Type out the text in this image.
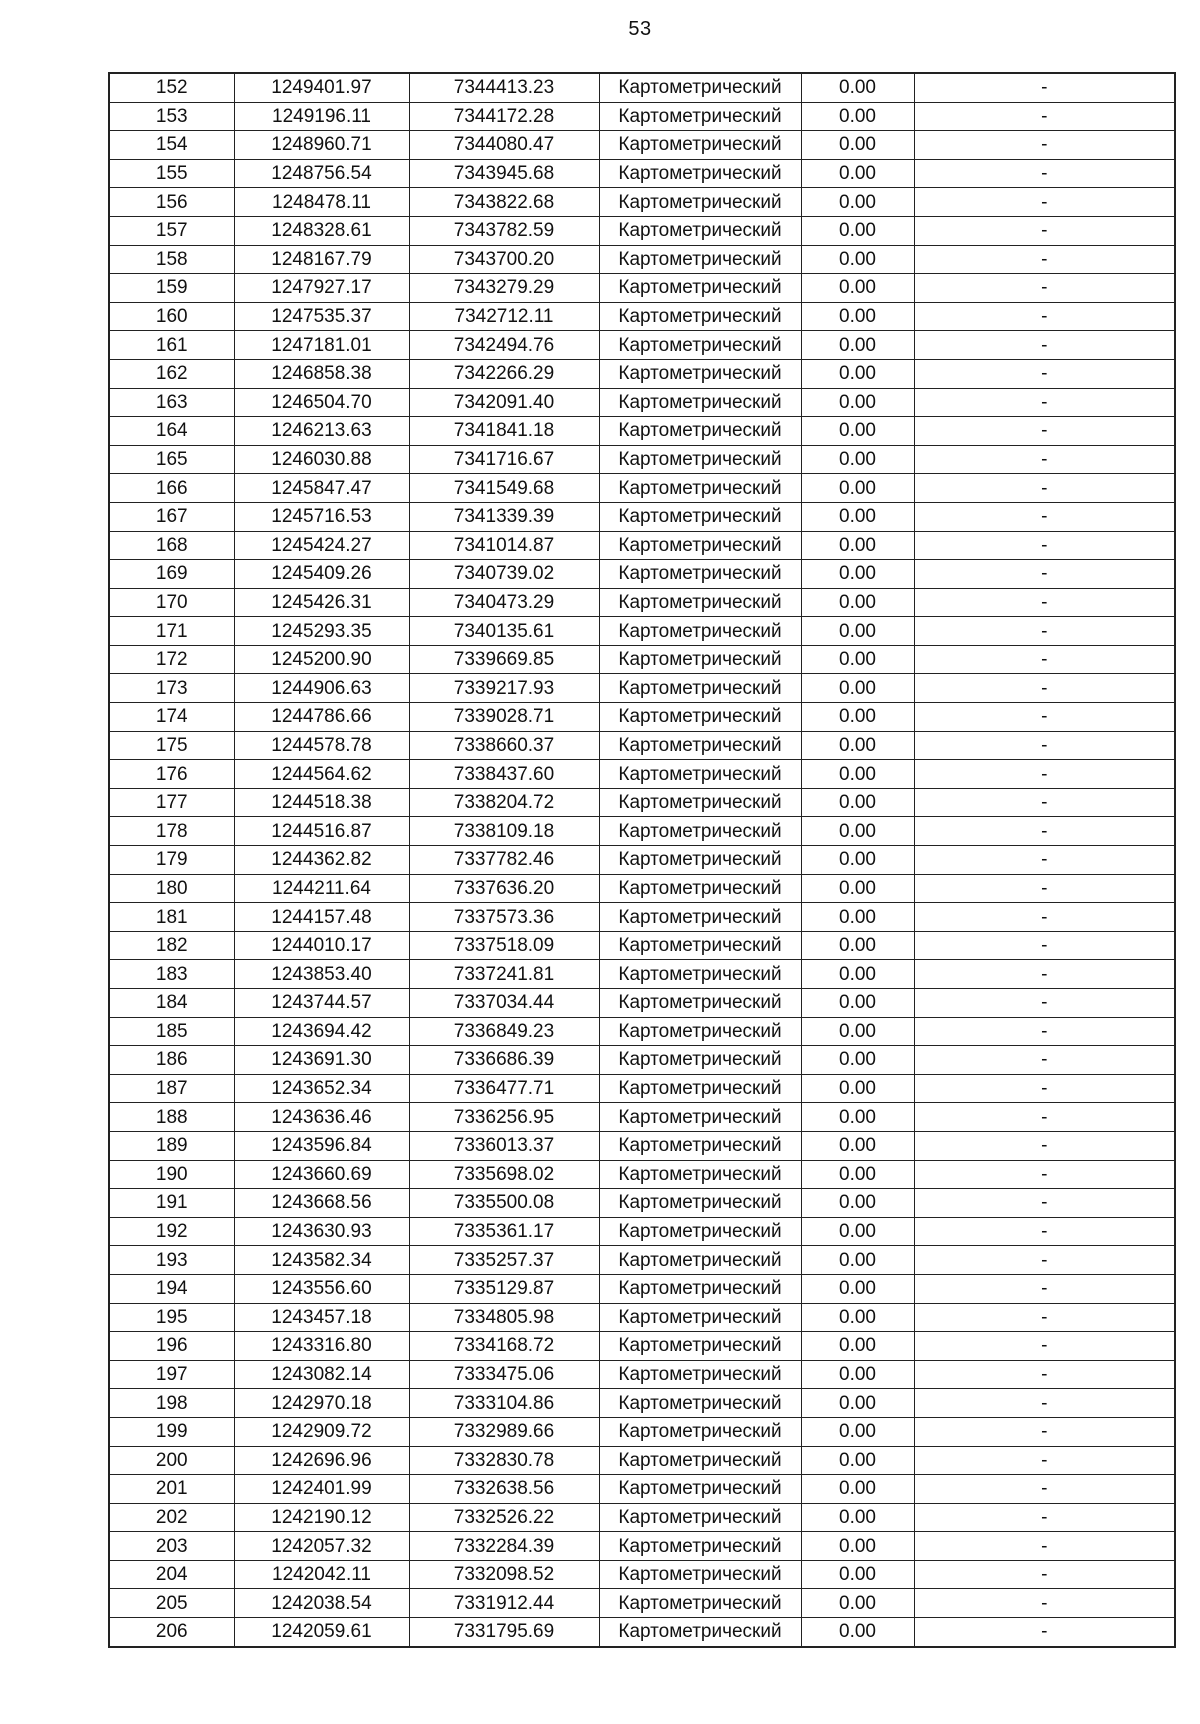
53
152	1249401.97	7344413.23	Картометрический	0.00	-
153	1249196.11	7344172.28	Картометрический	0.00	-
154	1248960.71	7344080.47	Картометрический	0.00	-
155	1248756.54	7343945.68	Картометрический	0.00	-
156	1248478.11	7343822.68	Картометрический	0.00	-
157	1248328.61	7343782.59	Картометрический	0.00	-
158	1248167.79	7343700.20	Картометрический	0.00	-
159	1247927.17	7343279.29	Картометрический	0.00	-
160	1247535.37	7342712.11	Картометрический	0.00	-
161	1247181.01	7342494.76	Картометрический	0.00	-
162	1246858.38	7342266.29	Картометрический	0.00	-
163	1246504.70	7342091.40	Картометрический	0.00	-
164	1246213.63	7341841.18	Картометрический	0.00	-
165	1246030.88	7341716.67	Картометрический	0.00	-
166	1245847.47	7341549.68	Картометрический	0.00	-
167	1245716.53	7341339.39	Картометрический	0.00	-
168	1245424.27	7341014.87	Картометрический	0.00	-
169	1245409.26	7340739.02	Картометрический	0.00	-
170	1245426.31	7340473.29	Картометрический	0.00	-
171	1245293.35	7340135.61	Картометрический	0.00	-
172	1245200.90	7339669.85	Картометрический	0.00	-
173	1244906.63	7339217.93	Картометрический	0.00	-
174	1244786.66	7339028.71	Картометрический	0.00	-
175	1244578.78	7338660.37	Картометрический	0.00	-
176	1244564.62	7338437.60	Картометрический	0.00	-
177	1244518.38	7338204.72	Картометрический	0.00	-
178	1244516.87	7338109.18	Картометрический	0.00	-
179	1244362.82	7337782.46	Картометрический	0.00	-
180	1244211.64	7337636.20	Картометрический	0.00	-
181	1244157.48	7337573.36	Картометрический	0.00	-
182	1244010.17	7337518.09	Картометрический	0.00	-
183	1243853.40	7337241.81	Картометрический	0.00	-
184	1243744.57	7337034.44	Картометрический	0.00	-
185	1243694.42	7336849.23	Картометрический	0.00	-
186	1243691.30	7336686.39	Картометрический	0.00	-
187	1243652.34	7336477.71	Картометрический	0.00	-
188	1243636.46	7336256.95	Картометрический	0.00	-
189	1243596.84	7336013.37	Картометрический	0.00	-
190	1243660.69	7335698.02	Картометрический	0.00	-
191	1243668.56	7335500.08	Картометрический	0.00	-
192	1243630.93	7335361.17	Картометрический	0.00	-
193	1243582.34	7335257.37	Картометрический	0.00	-
194	1243556.60	7335129.87	Картометрический	0.00	-
195	1243457.18	7334805.98	Картометрический	0.00	-
196	1243316.80	7334168.72	Картометрический	0.00	-
197	1243082.14	7333475.06	Картометрический	0.00	-
198	1242970.18	7333104.86	Картометрический	0.00	-
199	1242909.72	7332989.66	Картометрический	0.00	-
200	1242696.96	7332830.78	Картометрический	0.00	-
201	1242401.99	7332638.56	Картометрический	0.00	-
202	1242190.12	7332526.22	Картометрический	0.00	-
203	1242057.32	7332284.39	Картометрический	0.00	-
204	1242042.11	7332098.52	Картометрический	0.00	-
205	1242038.54	7331912.44	Картометрический	0.00	-
206	1242059.61	7331795.69	Картометрический	0.00	-
